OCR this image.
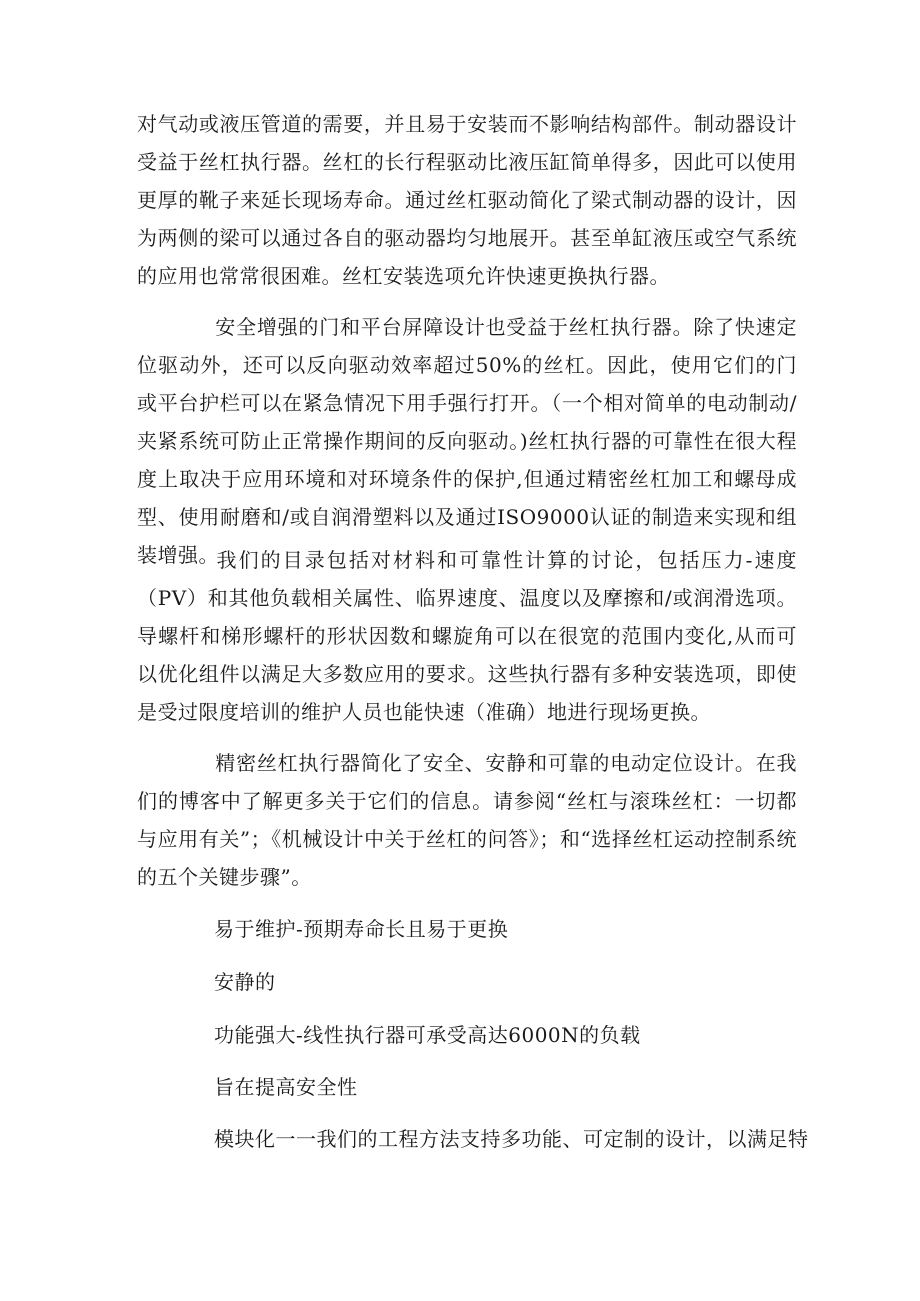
对气动或液压管道的需要，并且易于安装而不影响结构部件。制动器设计受益于丝杠执行器。丝杠的长行程驱动比液压缸简单得多，因此可以使用更厚的靴子来延长现场寿命。通过丝杠驱动简化了梁式制动器的设计，因为两侧的梁可以通过各自的驱动器均匀地展开。甚至单缸液压或空气系统的应用也常常很困难。丝杠安装选项允许快速更换执行器。

安全增强的门和平台屏障设计也受益于丝杠执行器。除了快速定位驱动外，还可以反向驱动效率超过50%的丝杠。因此，使用它们的门或平台护栏可以在紧急情况下用手强行打开。（一个相对简单的电动制动/夹紧系统可防止正常操作期间的反向驱动。)丝杠执行器的可靠性在很大程度上取决于应用环境和对环境条件的保护,但通过精密丝杠加工和螺母成型、使用耐磨和/或自润滑塑料以及通过ISO9000认证的制造来实现和组装增强。

我们的目录包括对材料和可靠性计算的讨论，包括压力-速度（PV）和其他负载相关属性、临界速度、温度以及摩擦和/或润滑选项。导螺杆和梯形螺杆的形状因数和螺旋角可以在很宽的范围内变化,从而可以优化组件以满足大多数应用的要求。这些执行器有多种安装选项，即使是受过限度培训的维护人员也能快速（准确）地进行现场更换。

精密丝杠执行器简化了安全、安静和可靠的电动定位设计。在我们的博客中了解更多关于它们的信息。请参阅“丝杠与滚珠丝杠：一切都与应用有关”；《机械设计中关于丝杠的问答》；和“选择丝杠运动控制系统的五个关键步骤”。

易于维护-预期寿命长且易于更换

安静的

功能强大-线性执行器可承受高达6000N的负载

旨在提高安全性

模块化一一我们的工程方法支持多功能、可定制的设计，以满足特
